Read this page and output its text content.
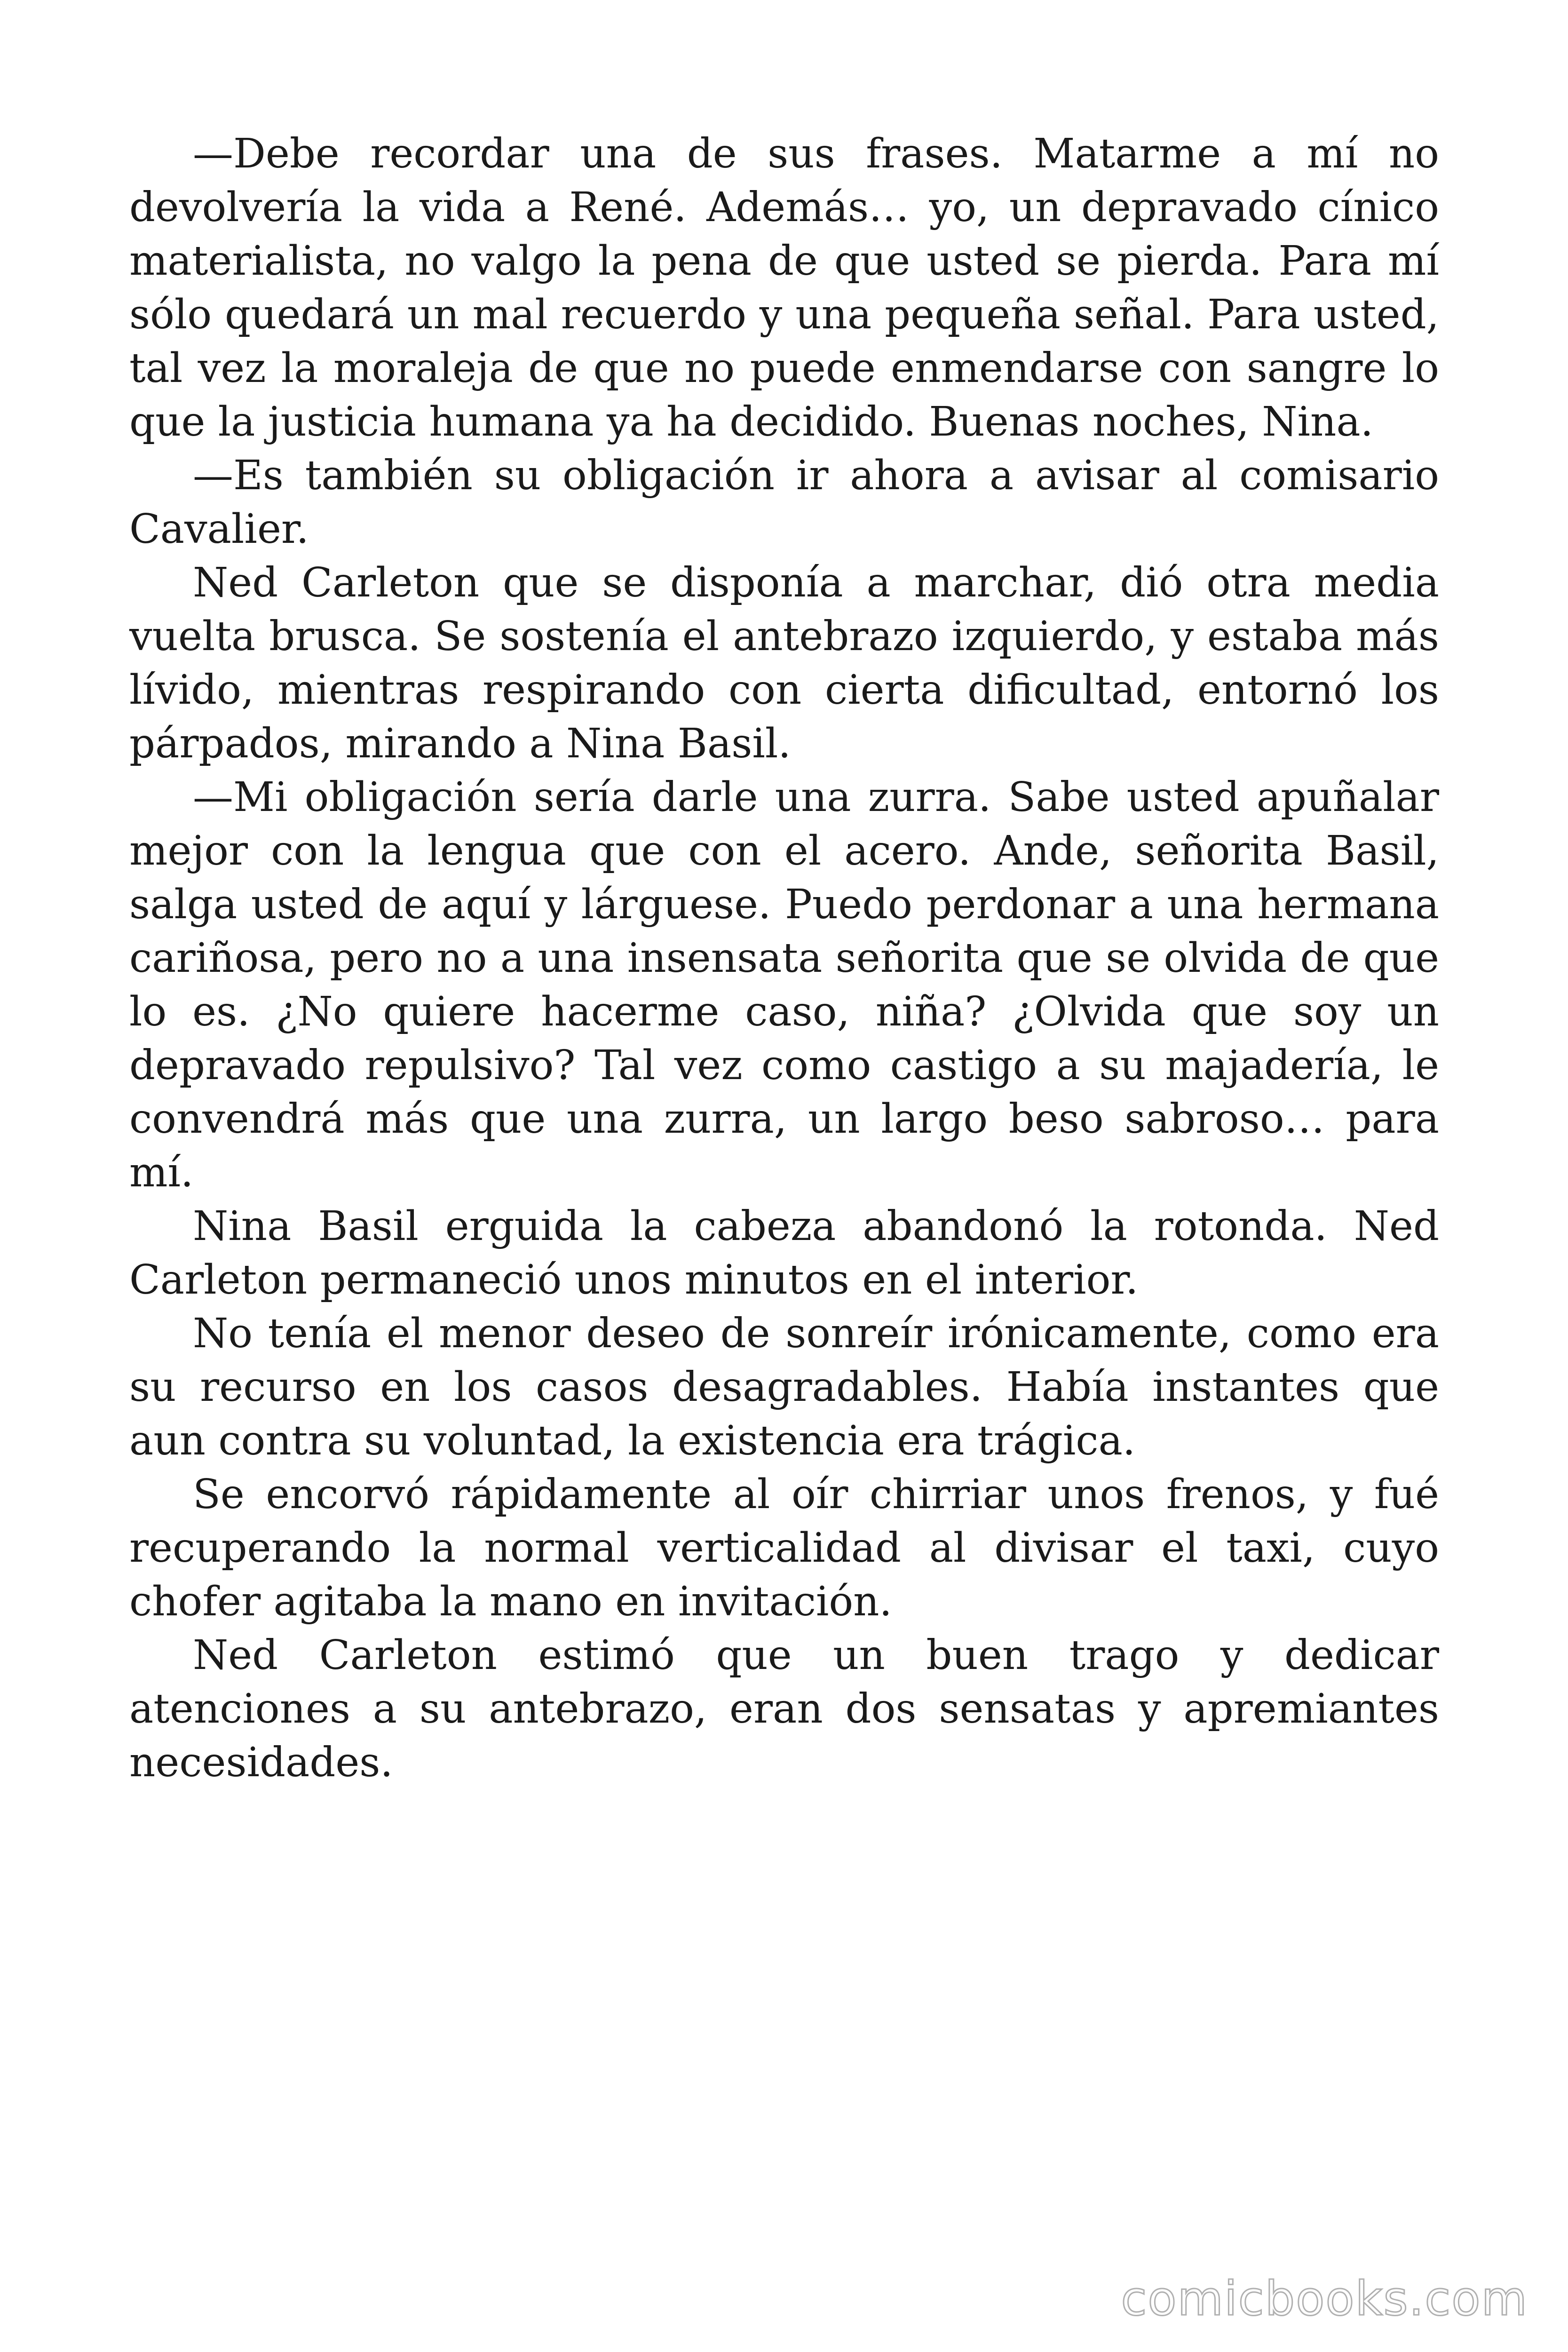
—Debe recordar una de sus frases. Matarme a mí no devolvería la vida a René. Además… yo, un depravado cínico materialista, no valgo la pena de que usted se pierda. Para mí sólo quedará un mal recuerdo y una pequeña señal. Para usted, tal vez la moraleja de que no puede enmendarse con sangre lo que la justicia humana ya ha decidido. Buenas noches, Nina.

—Es también su obligación ir ahora a avisar al comisario Cavalier.

Ned Carleton que se disponía a marchar, dió otra media vuelta brusca. Se sostenía el antebrazo izquierdo, y estaba más lívido, mientras respirando con cierta dificultad, entornó los párpados, mirando a Nina Basil.

—Mi obligación sería darle una zurra. Sabe usted apuñalar mejor con la lengua que con el acero. Ande, señorita Basil, salga usted de aquí y lárguese. Puedo perdonar a una hermana cariñosa, pero no a una insensata señorita que se olvida de que lo es. ¿No quiere hacerme caso, niña? ¿Olvida que soy un depravado repulsivo? Tal vez como castigo a su majadería, le convendrá más que una zurra, un largo beso sabroso… para mí.

Nina Basil erguida la cabeza abandonó la rotonda. Ned Carleton permaneció unos minutos en el interior.

No tenía el menor deseo de sonreír irónicamente, como era su recurso en los casos desagradables. Había instantes que aun contra su voluntad, la existencia era trágica.

Se encorvó rápidamente al oír chirriar unos frenos, y fué recuperando la normal verticalidad al divisar el taxi, cuyo chofer agitaba la mano en invitación.

Ned Carleton estimó que un buen trago y dedicar atenciones a su antebrazo, eran dos sensatas y apremiantes necesidades.

comicbooks.com
